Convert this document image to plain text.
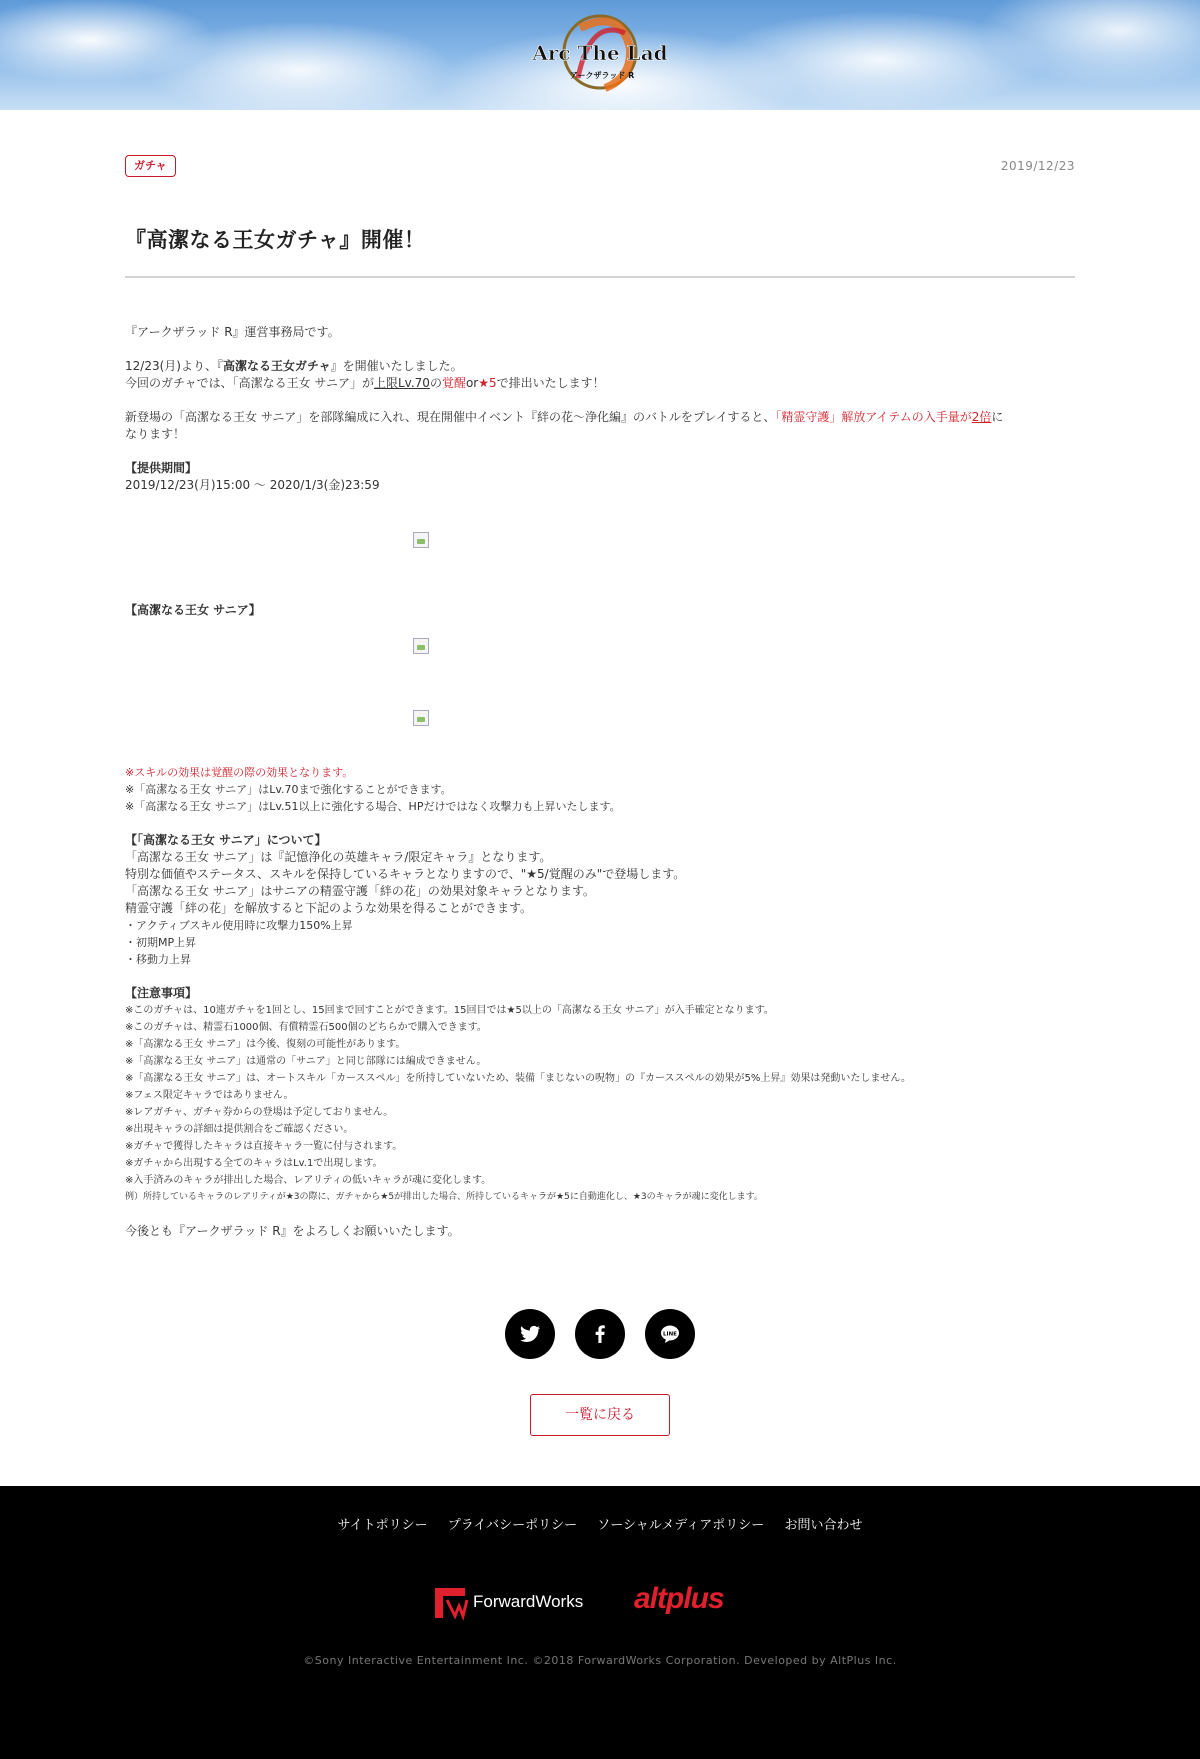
Arc The Lad
アークザラッド R
ガチャ	2019/12/23
『高潔なる王女ガチャ』開催！

『アークザラッド R』運営事務局です。

12/23(月)より、『高潔なる王女ガチャ』を開催いたしました。

今回のガチャでは、「高潔なる王女 サニア」が上限Lv.70の覚醒or★5で排出いたします！

新登場の「高潔なる王女 サニア」を部隊編成に入れ、現在開催中イベント『絆の花～浄化編』のバトルをプレイすると、「精霊守護」解放アイテムの入手量が2倍に

なります！

【提供期間】

2019/12/23(月)15:00 〜 2020/1/3(金)23:59

【高潔なる王女 サニア】

※スキルの効果は覚醒の際の効果となります。

※「高潔なる王女 サニア」はLv.70まで強化することができます。

※「高潔なる王女 サニア」はLv.51以上に強化する場合、HPだけではなく攻撃力も上昇いたします。

【「高潔なる王女 サニア」について】

「高潔なる王女 サニア」は『記憶浄化の英雄キャラ/限定キャラ』となります。

特別な価値やステータス、スキルを保持しているキャラとなりますので、"★5/覚醒のみ"で登場します。

「高潔なる王女 サニア」はサニアの精霊守護「絆の花」の効果対象キャラとなります。

精霊守護「絆の花」を解放すると下記のような効果を得ることができます。

・アクティブスキル使用時に攻撃力150%上昇

・初期MP上昇

・移動力上昇

【注意事項】

※このガチャは、10連ガチャを1回とし、15回まで回すことができます。15回目では★5以上の「高潔なる王女 サニア」が入手確定となります。

※このガチャは、精霊石1000個、有償精霊石500個のどちらかで購入できます。

※「高潔なる王女 サニア」は今後、復刻の可能性があります。

※「高潔なる王女 サニア」は通常の「サニア」と同じ部隊には編成できません。

※「高潔なる王女 サニア」は、オートスキル「カーススペル」を所持していないため、装備「まじないの呪物」の『カーススペルの効果が5%上昇』効果は発動いたしません。

※フェス限定キャラではありません。

※レアガチャ、ガチャ券からの登場は予定しておりません。

※出現キャラの詳細は提供割合をご確認ください。

※ガチャで獲得したキャラは直接キャラ一覧に付与されます。

※ガチャから出現する全てのキャラはLv.1で出現します。

※入手済みのキャラが排出した場合、レアリティの低いキャラが魂に変化します。

例）所持しているキャラのレアリティが★3の際に、ガチャから★5が排出した場合、所持しているキャラが★5に自動進化し、★3のキャラが魂に変化します。

今後とも『アークザラッド R』をよろしくお願いいたします。

LINE
一覧に戻る
サイトポリシー プライバシーポリシー ソーシャルメディアポリシー お問い合わせ
ForwardWorks altplus
©Sony Interactive Entertainment Inc. ©2018 ForwardWorks Corporation. Developed by AltPlus Inc.
